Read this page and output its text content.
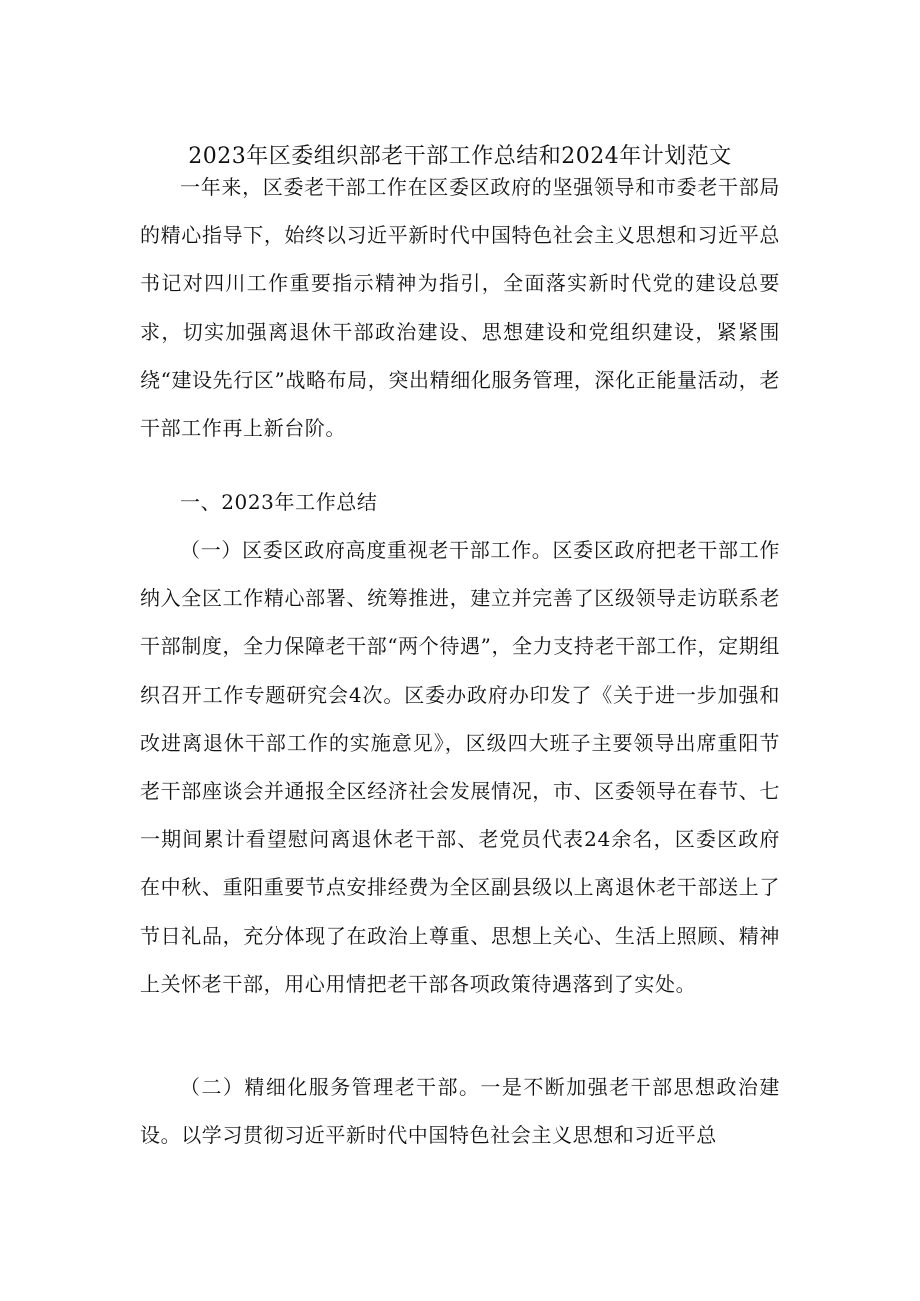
2023年区委组织部老干部工作总结和2024年计划范文

一年来，区委老干部工作在区委区政府的坚强领导和市委老干部局的精心指导下，始终以习近平新时代中国特色社会主义思想和习近平总书记对四川工作重要指示精神为指引，全面落实新时代党的建设总要求，切实加强离退休干部政治建设、思想建设和党组织建设，紧紧围绕“建设先行区”战略布局，突出精细化服务管理，深化正能量活动，老干部工作再上新台阶。

一、2023年工作总结

（一）区委区政府高度重视老干部工作。区委区政府把老干部工作纳入全区工作精心部署、统筹推进，建立并完善了区级领导走访联系老干部制度，全力保障老干部“两个待遇”，全力支持老干部工作，定期组织召开工作专题研究会4次。区委办政府办印发了《关于进一步加强和改进离退休干部工作的实施意见》，区级四大班子主要领导出席重阳节老干部座谈会并通报全区经济社会发展情况，市、区委领导在春节、七一期间累计看望慰问离退休老干部、老党员代表24余名，区委区政府在中秋、重阳重要节点安排经费为全区副县级以上离退休老干部送上了节日礼品，充分体现了在政治上尊重、思想上关心、生活上照顾、精神上关怀老干部，用心用情把老干部各项政策待遇落到了实处。

（二）精细化服务管理老干部。一是不断加强老干部思想政治建设。以学习贯彻习近平新时代中国特色社会主义思想和习近平总
